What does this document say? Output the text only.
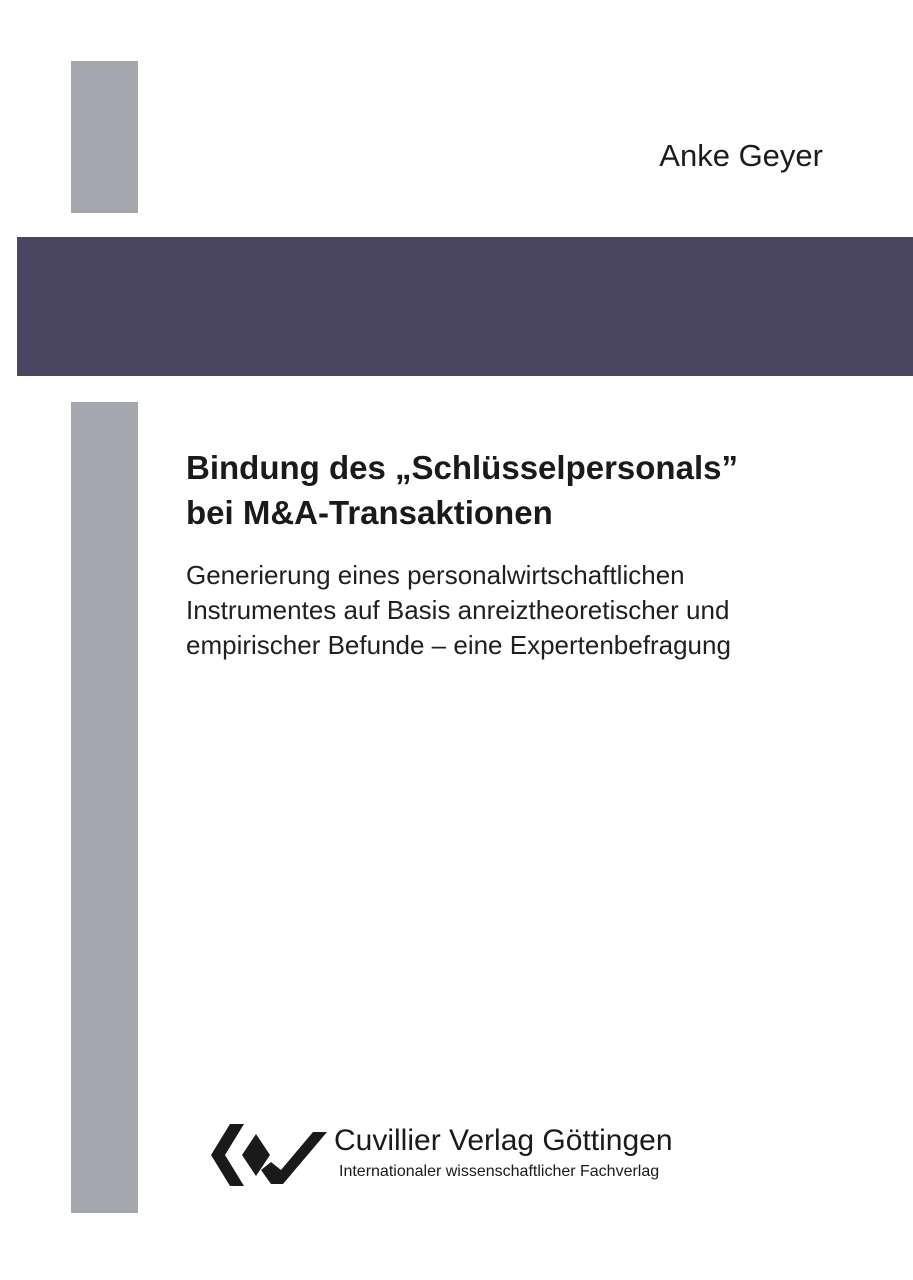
Anke Geyer
Bindung des „Schlüsselpersonals”
bei M&A-Transaktionen

Generierung eines personalwirtschaftlichen
Instrumentes auf Basis anreiztheoretischer und
empirischer Befunde – eine Expertenbefragung

Cuvillier Verlag Göttingen
Internationaler wissenschaftlicher Fachverlag
